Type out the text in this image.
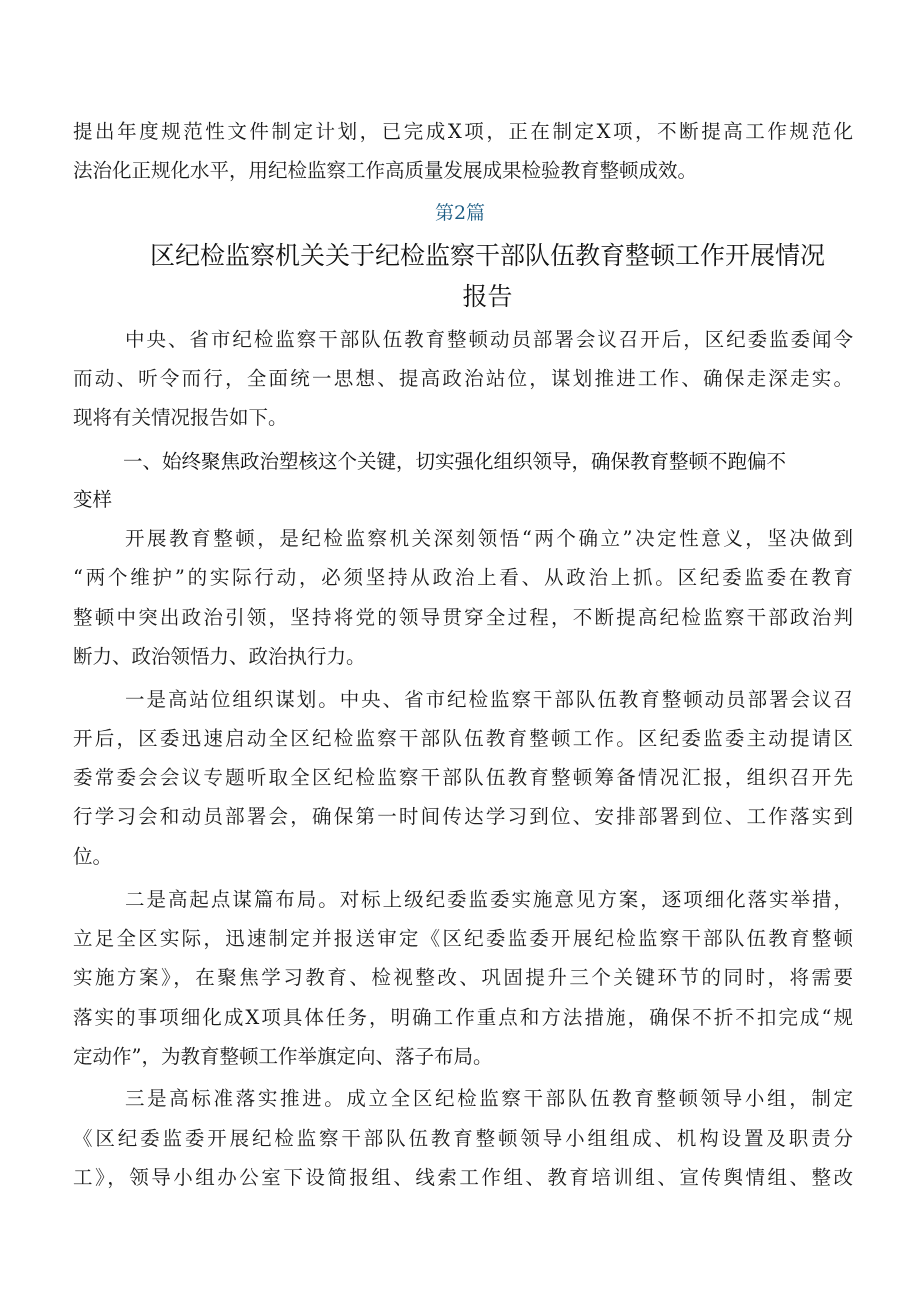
提出年度规范性文件制定计划，已完成X项，正在制定X项，不断提高工作规范化
法治化正规化水平，用纪检监察工作高质量发展成果检验教育整顿成效。
第2篇
区纪检监察机关关于纪检监察干部队伍教育整顿工作开展情况
报告
中央、省市纪检监察干部队伍教育整顿动员部署会议召开后，区纪委监委闻令
而动、听令而行，全面统一思想、提高政治站位，谋划推进工作、确保走深走实。
现将有关情况报告如下。
一、始终聚焦政治塑核这个关键，切实强化组织领导，确保教育整顿不跑偏不
变样
开展教育整顿，是纪检监察机关深刻领悟“两个确立”决定性意义，坚决做到
“两个维护”的实际行动，必须坚持从政治上看、从政治上抓。区纪委监委在教育
整顿中突出政治引领，坚持将党的领导贯穿全过程，不断提高纪检监察干部政治判
断力、政治领悟力、政治执行力。
一是高站位组织谋划。中央、省市纪检监察干部队伍教育整顿动员部署会议召
开后，区委迅速启动全区纪检监察干部队伍教育整顿工作。区纪委监委主动提请区
委常委会会议专题听取全区纪检监察干部队伍教育整顿筹备情况汇报，组织召开先
行学习会和动员部署会，确保第一时间传达学习到位、安排部署到位、工作落实到
位。
二是高起点谋篇布局。对标上级纪委监委实施意见方案，逐项细化落实举措，
立足全区实际，迅速制定并报送审定《区纪委监委开展纪检监察干部队伍教育整顿
实施方案》，在聚焦学习教育、检视整改、巩固提升三个关键环节的同时，将需要
落实的事项细化成X项具体任务，明确工作重点和方法措施，确保不折不扣完成“规
定动作”，为教育整顿工作举旗定向、落子布局。
三是高标准落实推进。成立全区纪检监察干部队伍教育整顿领导小组，制定
《区纪委监委开展纪检监察干部队伍教育整顿领导小组组成、机构设置及职责分
工》，领导小组办公室下设简报组、线索工作组、教育培训组、宣传舆情组、整改
